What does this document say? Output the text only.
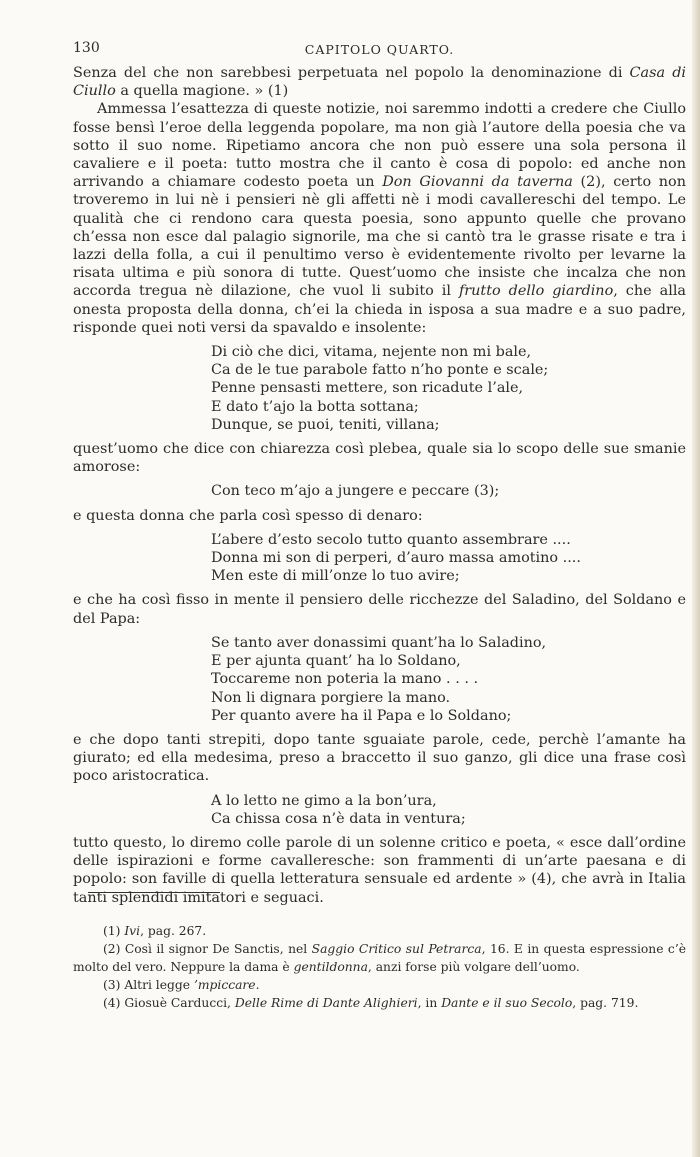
130	CAPITOLO QUARTO.

Senza del che non sarebbesi perpetuata nel popolo la denominazione di Casa di Ciullo a quella magione. » (1)

Ammessa l’esattezza di queste notizie, noi saremmo indotti a credere che Ciullo fosse bensì l’eroe della leggenda popolare, ma non già l’autore della poesia che va sotto il suo nome. Ripetiamo ancora che non può essere una sola persona il cavaliere e il poeta: tutto mostra che il canto è cosa di popolo: ed anche non arrivando a chiamare codesto poeta un Don Giovanni da taverna (2), certo non troveremo in lui nè i pensieri nè gli affetti nè i modi cavallereschi del tempo. Le qualità che ci rendono cara questa poesia, sono appunto quelle che provano ch’essa non esce dal palagio signorile, ma che si cantò tra le grasse risate e tra i lazzi della folla, a cui il penultimo verso è evidentemente rivolto per levarne la risata ultima e più sonora di tutte. Quest’uomo che insiste che incalza che non accorda tregua nè dilazione, che vuol li subito il frutto dello giardino, che alla onesta proposta della donna, ch’ei la chieda in isposa a sua madre e a suo padre, risponde quei noti versi da spavaldo e insolente:

Di ciò che dici, vitama, nejente non mi bale,
Ca de le tue parabole fatto n’ho ponte e scale;
Penne pensasti mettere, son ricadute l’ale,
E dato t’ajo la botta sottana;
Dunque, se puoi, teniti, villana;

quest’uomo che dice con chiarezza così plebea, quale sia lo scopo delle sue smanie amorose:

Con teco m’ajo a jungere e peccare (3);

e questa donna che parla così spesso di denaro:

L’abere d’esto secolo tutto quanto assembrare ....
Donna mi son di perperi, d’auro massa amotino ....
Men este di mill’onze lo tuo avire;

e che ha così fisso in mente il pensiero delle ricchezze del Saladino, del Soldano e del Papa:

Se tanto aver donassimi quant’ha lo Saladino,
E per ajunta quant’ ha lo Soldano,
Toccareme non poteria la mano . . . .
Non li dignara porgiere la mano.
Per quanto avere ha il Papa e lo Soldano;

e che dopo tanti strepiti, dopo tante sguaiate parole, cede, perchè l’amante ha giurato; ed ella medesima, preso a braccetto il suo ganzo, gli dice una frase così poco aristocratica.

A lo letto ne gimo a la bon’ura,
Ca chissa cosa n’è data in ventura;

tutto questo, lo diremo colle parole di un solenne critico e poeta, « esce dall’ordine delle ispirazioni e forme cavalleresche: son frammenti di un’arte paesana e di popolo: son faville di quella letteratura sensuale ed ardente » (4), che avrà in Italia tanti splendidi imitatori e seguaci.

(1) Ivi, pag. 267.

(2) Così il signor De Sanctis, nel Saggio Critico sul Petrarca, 16. E in questa espressione c’è molto del vero. Neppure la dama è gentildonna, anzi forse più volgare dell’uomo.

(3) Altri legge ’mpiccare.

(4) Giosuè Carducci, Delle Rime di Dante Alighieri, in Dante e il suo Secolo, pag. 719.
